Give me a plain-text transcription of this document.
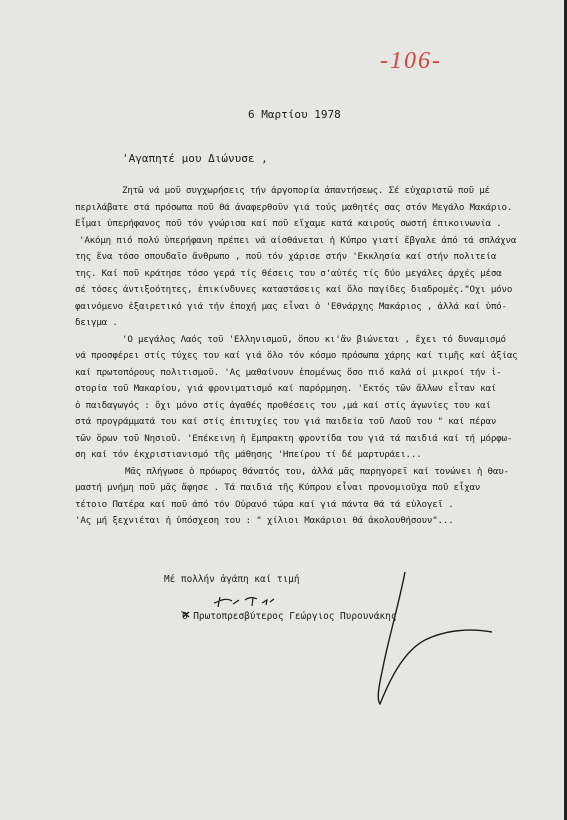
-106-
6 Μαρτίου 1978
'Αγαπητέ μου Διώνυσε ,
Ζητῶ νά μοῦ συγχωρήσεις τήν ἀργοπορία ἀπαντήσεως. Σέ εὐχαριστῶ ποῦ μέ
περιλάβατε στά πρόσωπα ποῦ θά ἀναφερθοῦν γιά τούς μαθητές σας στόν Μεγάλο Μακάριο.
Εἶμαι ὑπερήφανος ποῦ τόν γνώρισα καί ποῦ εἴχαμε κατά καιρούς σωστή ἐπικοινωνία .
'Ακόμη πιό πολύ ὑπερήφανη πρέπει νά αἰσθάνεται ἡ Κύπρο γιατί ἔβγαλε ἀπό τά σπλάχνα
της ἕνα τόσο σπουδαῖο ἄνθρωπο , ποῦ τόν χάρισε στήν 'Εκκλησία καί στήν πολιτεία
της. Καί ποῦ κράτησε τόσο γερά τίς θέσεις του σ'αὐτές τίς δύο μεγάλες ἀρχές μέσα
σέ τόσες ἀντιξοότητες, ἐπικίνδυνες καταστάσεις καί ὅλο παγίδες διαδρομές."Οχι μόνο
φαινόμενο ἐξαιρετικό γιά τήν ἐποχή μας εἶναι ὁ 'Εθνάρχης Μακάριος , ἀλλά καί ὑπό-
δειγμα .
'Ο μεγάλος Λαός τοῦ 'Ελληνισμοῦ, ὅπου κι'ἄν βιώνεται , ἔχει τό δυναμισμό
νά προσφέρει στίς τύχες του καί γιά ὅλο τόν κόσμο πρόσωπα χάρης καί τιμῆς καί ἀξίας
καί πρωτοπόρους πολιτισμοῦ. 'Ας μαθαίνουν ἑπομένως ὅσο πιό καλά οἱ μικροί τήν ἱ-
στορία τοῦ Μακαρίου, γιά φρονιματισμό καί παρόρμηση. 'Εκτός τῶν ἄλλων εἶταν καί
ὁ παιδαγωγός : ὄχι μόνο στίς ἀγαθές προθέσεις του ,μά καί στίς ἀγωνίες του καί
στά προγράμματά του καί στίς ἐπιτυχίες του γιά παιδεία τοῦ Λαοῦ του " καί πέραν
τῶν ὅρων τοῦ Νησιοῦ. 'Επέκεινη ἡ ἔμπρακτη φροντίδα του γιά τά παιδιά καί τή μόρφω-
ση καί τόν ἐκχριστιανισμό τῆς μάθησης 'Ηπείρου τί δέ μαρτυράει...
Μᾶς πλήγωσε ὁ πρόωρος θάνατός του, ἀλλά μᾶς παρηγορεῖ καί τονώνει ἡ θαυ-
μαστή μνήμη ποῦ μᾶς ἄφησε . Τά παιδιά τῆς Κύπρου εἶναι προνομιοῦχα ποῦ εἶχαν
τέτοιο Πατέρα καί ποῦ ἀπό τόν Οὐρανό τώρα καί γιά πάντα θά τά εὐλογεῖ .
'Ας μή ξεχνιέται ἡ ὑπόσχεση του : " χίλιοι Μακάριοι θά ἀκολουθήσουν"...
Μέ πολλήν ἀγάπη καί τιμή
Ὁ Πρωτοπρεσβύτερος Γεώργιος Πυρουνάκης
